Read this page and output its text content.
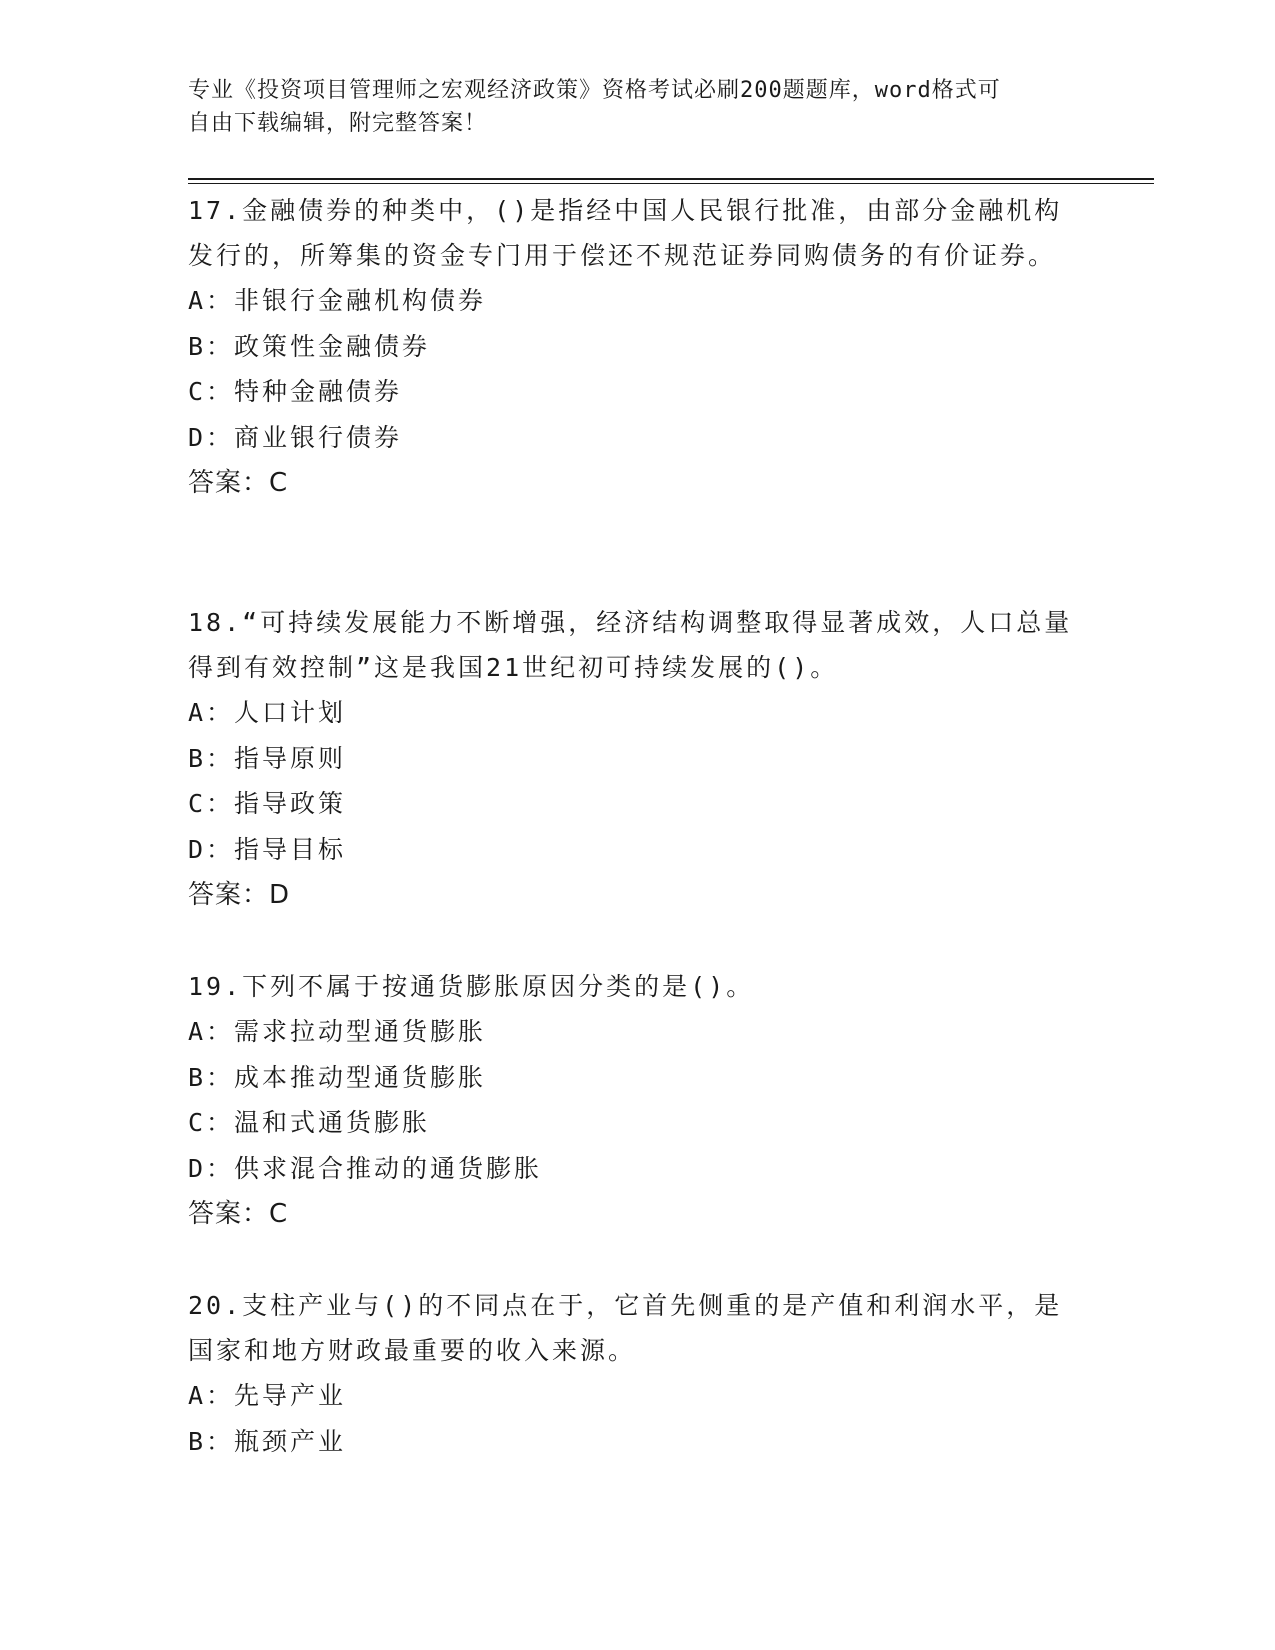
专业《投资项目管理师之宏观经济政策》资格考试必刷200题题库，word格式可
自由下载编辑，附完整答案！

17.金融债券的种类中，()是指经中国人民银行批准，由部分金融机构发行的，所筹集的资金专门用于偿还不规范证券同购债务的有价证券。

A：非银行金融机构债券

B：政策性金融债券

C：特种金融债券

D：商业银行债券

答案：C

18.“可持续发展能力不断增强，经济结构调整取得显著成效，人口总量得到有效控制”这是我国21世纪初可持续发展的()。

A：人口计划

B：指导原则

C：指导政策

D：指导目标

答案：D

19.下列不属于按通货膨胀原因分类的是()。

A：需求拉动型通货膨胀

B：成本推动型通货膨胀

C：温和式通货膨胀

D：供求混合推动的通货膨胀

答案：C

20.支柱产业与()的不同点在于，它首先侧重的是产值和利润水平，是国家和地方财政最重要的收入来源。

A：先导产业

B：瓶颈产业
